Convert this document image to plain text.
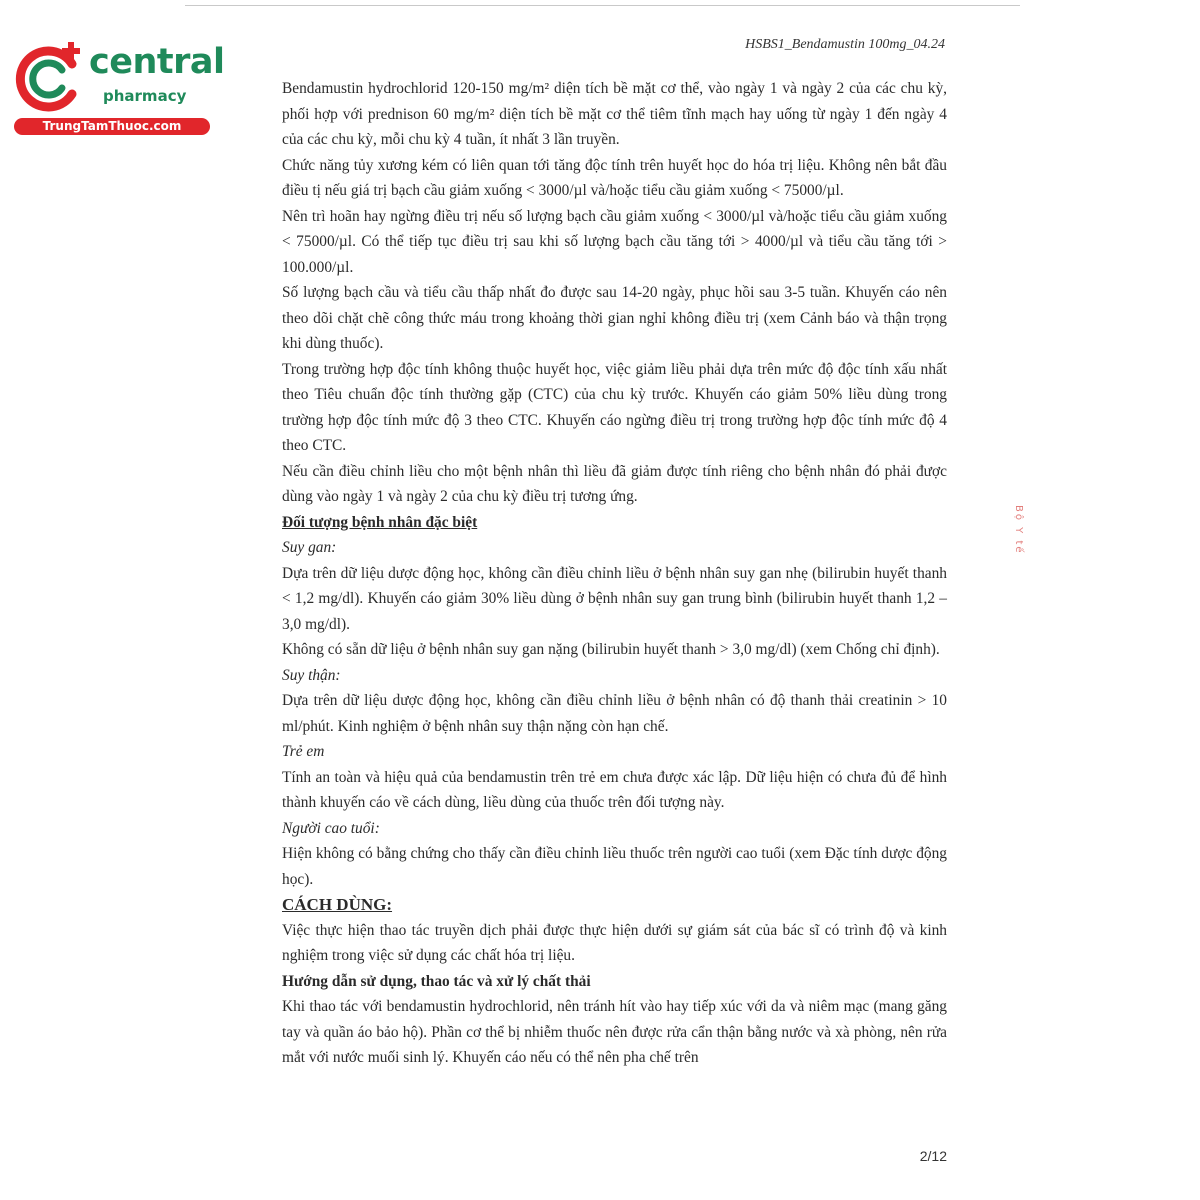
central
pharmacy
TrungTamThuoc.com
HSBS1_Bendamustin 100mg_04.24
Bộ Y tế

Bendamustin hydrochlorid 120-150 mg/m² diện tích bề mặt cơ thể, vào ngày 1 và ngày 2 của các chu kỳ, phối hợp với prednison 60 mg/m² diện tích bề mặt cơ thể tiêm tĩnh mạch hay uống từ ngày 1 đến ngày 4 của các chu kỳ, mỗi chu kỳ 4 tuần, ít nhất 3 lần truyền.

Chức năng tủy xương kém có liên quan tới tăng độc tính trên huyết học do hóa trị liệu. Không nên bắt đầu điều tị nếu giá trị bạch cầu giảm xuống < 3000/µl và/hoặc tiểu cầu giảm xuống < 75000/µl.

Nên trì hoãn hay ngừng điều trị nếu số lượng bạch cầu giảm xuống < 3000/µl và/hoặc tiểu cầu giảm xuống < 75000/µl. Có thể tiếp tục điều trị sau khi số lượng bạch cầu tăng tới > 4000/µl và tiểu cầu tăng tới > 100.000/µl.

Số lượng bạch cầu và tiểu cầu thấp nhất đo được sau 14-20 ngày, phục hồi sau 3-5 tuần. Khuyến cáo nên theo dõi chặt chẽ công thức máu trong khoảng thời gian nghỉ không điều trị (xem Cảnh báo và thận trọng khi dùng thuốc).

Trong trường hợp độc tính không thuộc huyết học, việc giảm liều phải dựa trên mức độ độc tính xấu nhất theo Tiêu chuẩn độc tính thường gặp (CTC) của chu kỳ trước. Khuyến cáo giảm 50% liều dùng trong trường hợp độc tính mức độ 3 theo CTC. Khuyến cáo ngừng điều trị trong trường hợp độc tính mức độ 4 theo CTC.

Nếu cần điều chỉnh liều cho một bệnh nhân thì liều đã giảm được tính riêng cho bệnh nhân đó phải được dùng vào ngày 1 và ngày 2 của chu kỳ điều trị tương ứng.

Đối tượng bệnh nhân đặc biệt

Suy gan:

Dựa trên dữ liệu dược động học, không cần điều chỉnh liều ở bệnh nhân suy gan nhẹ (bilirubin huyết thanh < 1,2 mg/dl). Khuyến cáo giảm 30% liều dùng ở bệnh nhân suy gan trung bình (bilirubin huyết thanh 1,2 – 3,0 mg/dl).

Không có sẵn dữ liệu ở bệnh nhân suy gan nặng (bilirubin huyết thanh > 3,0 mg/dl) (xem Chống chỉ định).

Suy thận:

Dựa trên dữ liệu dược động học, không cần điều chỉnh liều ở bệnh nhân có độ thanh thải creatinin > 10 ml/phút. Kinh nghiệm ở bệnh nhân suy thận nặng còn hạn chế.

Trẻ em

Tính an toàn và hiệu quả của bendamustin trên trẻ em chưa được xác lập. Dữ liệu hiện có chưa đủ để hình thành khuyến cáo về cách dùng, liều dùng của thuốc trên đối tượng này.

Người cao tuổi:

Hiện không có bằng chứng cho thấy cần điều chỉnh liều thuốc trên người cao tuổi (xem Đặc tính dược động học).

CÁCH DÙNG:

Việc thực hiện thao tác truyền dịch phải được thực hiện dưới sự giám sát của bác sĩ có trình độ và kinh nghiệm trong việc sử dụng các chất hóa trị liệu.

Hướng dẫn sử dụng, thao tác và xử lý chất thải

Khi thao tác với bendamustin hydrochlorid, nên tránh hít vào hay tiếp xúc với da và niêm mạc (mang găng tay và quần áo bảo hộ). Phần cơ thể bị nhiễm thuốc nên được rửa cẩn thận bằng nước và xà phòng, nên rửa mắt với nước muối sinh lý. Khuyến cáo nếu có thể nên pha chế trên

2/12
